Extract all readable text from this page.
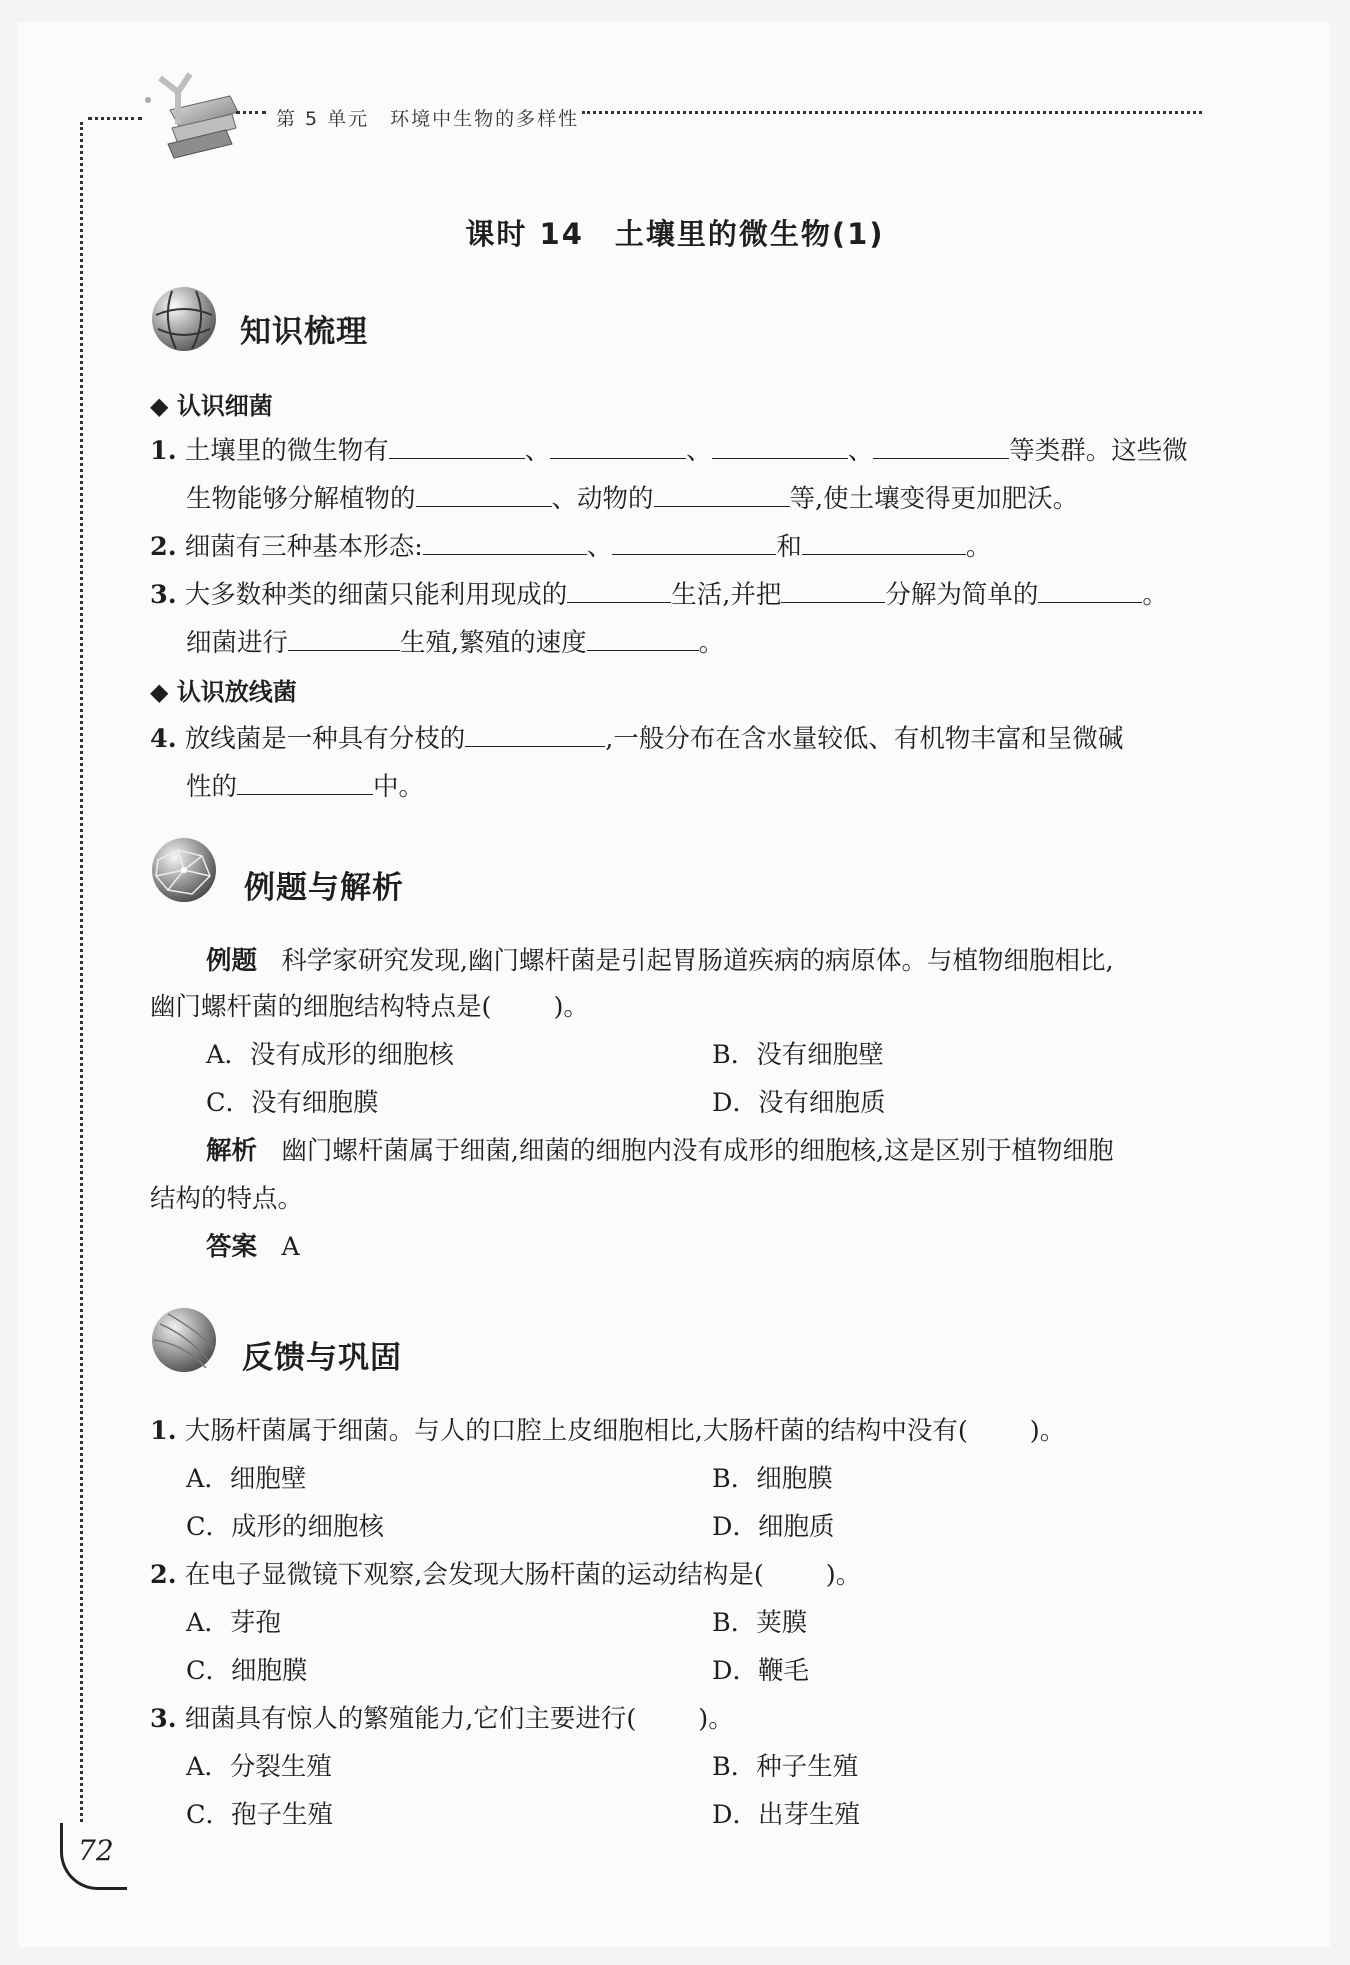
第 5 单元　环境中生物的多样性
课时 14　土壤里的微生物(1)
知识梳理
◆ 认识细菌
1. 土壤里的微生物有	、	、	、	等类群。这些微
生物能够分解植物的	、动物的	等,使土壤变得更加肥沃。
2. 细菌有三种基本形态:	、	和	。
3. 大多数种类的细菌只能利用现成的	生活,并把	分解为简单的	。
细菌进行	生殖,繁殖的速度	。
◆ 认识放线菌
4. 放线菌是一种具有分枝的	,一般分布在含水量较低、有机物丰富和呈微碱
性的	中。
例题与解析
例题 科学家研究发现,幽门螺杆菌是引起胃肠道疾病的病原体。与植物细胞相比,
幽门螺杆菌的细胞结构特点是( )。
A．没有成形的细胞核	B．没有细胞壁
C．没有细胞膜	D．没有细胞质
解析 幽门螺杆菌属于细菌,细菌的细胞内没有成形的细胞核,这是区别于植物细胞
结构的特点。
答案 A
反馈与巩固
1. 大肠杆菌属于细菌。与人的口腔上皮细胞相比,大肠杆菌的结构中没有( )。
A．细胞壁	B．细胞膜
C．成形的细胞核	D．细胞质
2. 在电子显微镜下观察,会发现大肠杆菌的运动结构是( )。
A．芽孢	B．荚膜
C．细胞膜	D．鞭毛
3. 细菌具有惊人的繁殖能力,它们主要进行( )。
A．分裂生殖	B．种子生殖
C．孢子生殖	D．出芽生殖
72
